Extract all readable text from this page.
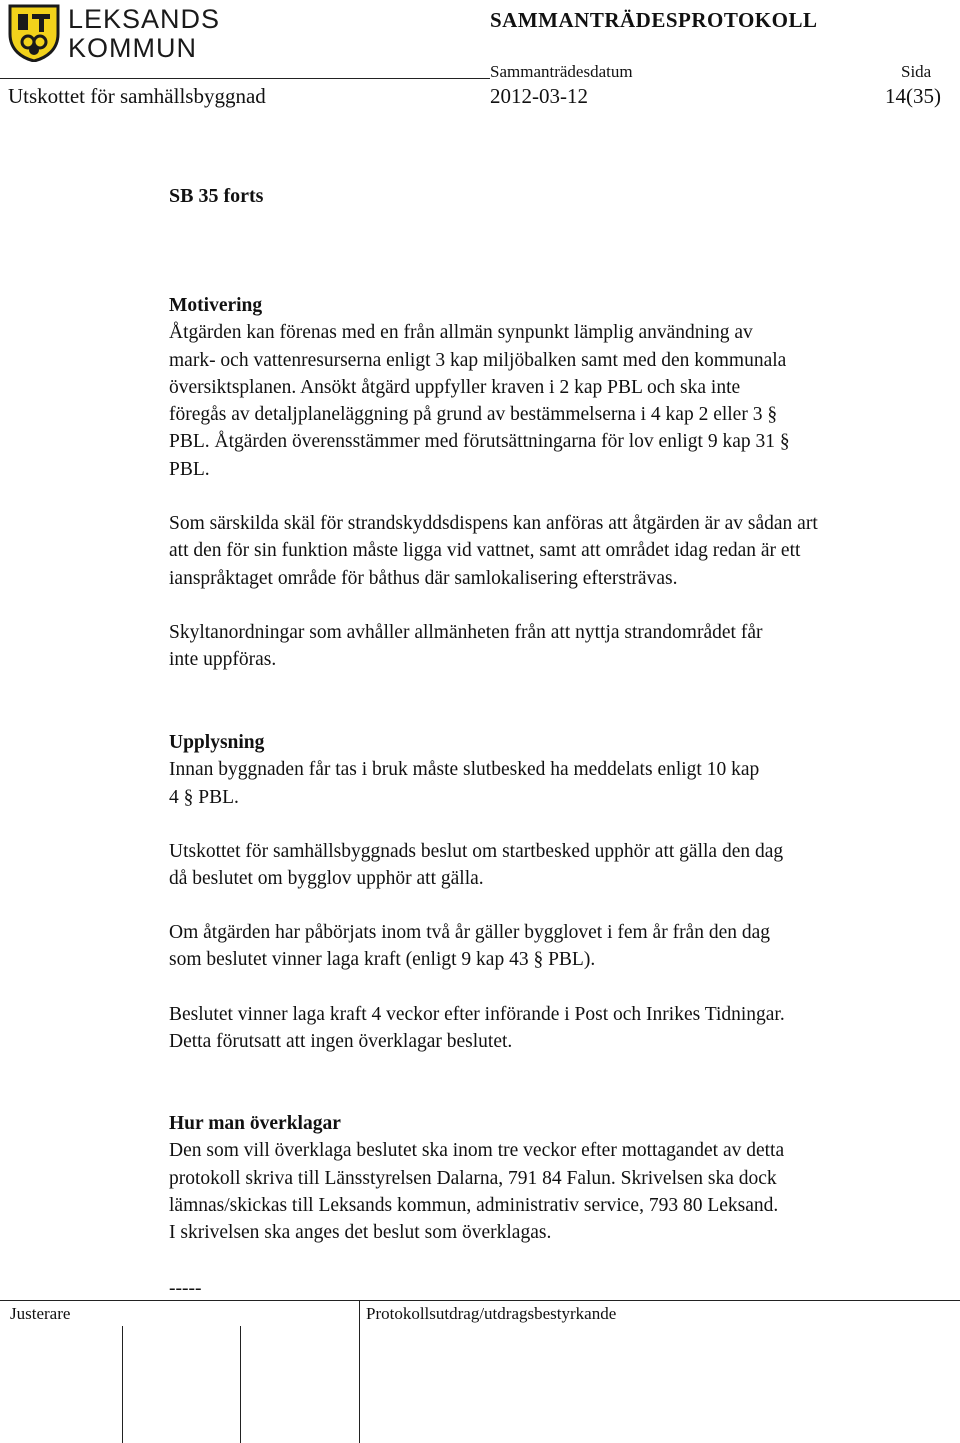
LEKSANDS
KOMMUN
SAMMANTRÄDESPROTOKOLL
Sammanträdesdatum	Sida
Utskottet för samhällsbyggnad	2012-03-12	14(35)
SB 35 forts

Motivering

Åtgärden kan förenas med en från allmän synpunkt lämplig användning av

mark- och vattenresurserna enligt 3 kap miljöbalken samt med den kommunala

översiktsplanen. Ansökt åtgärd uppfyller kraven i 2 kap PBL och ska inte

föregås av detaljplaneläggning på grund av bestämmelserna i 4 kap 2 eller 3 §

PBL. Åtgärden överensstämmer med förutsättningarna för lov enligt 9 kap 31 §

PBL.

Som särskilda skäl för strandskyddsdispens kan anföras att åtgärden är av sådan art

att den för sin funktion måste ligga vid vattnet, samt att området idag redan är ett

ianspråktaget område för båthus där samlokalisering eftersträvas.

Skyltanordningar som avhåller allmänheten från att nyttja strandområdet får

inte uppföras.

Upplysning

Innan byggnaden får tas i bruk måste slutbesked ha meddelats enligt 10 kap

4 § PBL.

Utskottet för samhällsbyggnads beslut om startbesked upphör att gälla den dag

då beslutet om bygglov upphör att gälla.

Om åtgärden har påbörjats inom två år gäller bygglovet i fem år från den dag

som beslutet vinner laga kraft (enligt 9 kap 43 § PBL).

Beslutet vinner laga kraft 4 veckor efter införande i Post och Inrikes Tidningar.

Detta förutsatt att ingen överklagar beslutet.

Hur man överklagar

Den som vill överklaga beslutet ska inom tre veckor efter mottagandet av detta

protokoll skriva till Länsstyrelsen Dalarna, 791 84 Falun. Skrivelsen ska dock

lämnas/skickas till Leksands kommun, administrativ service, 793 80 Leksand.

I skrivelsen ska anges det beslut som överklagas.

-----
Justerare	Protokollsutdrag/utdragsbestyrkande
